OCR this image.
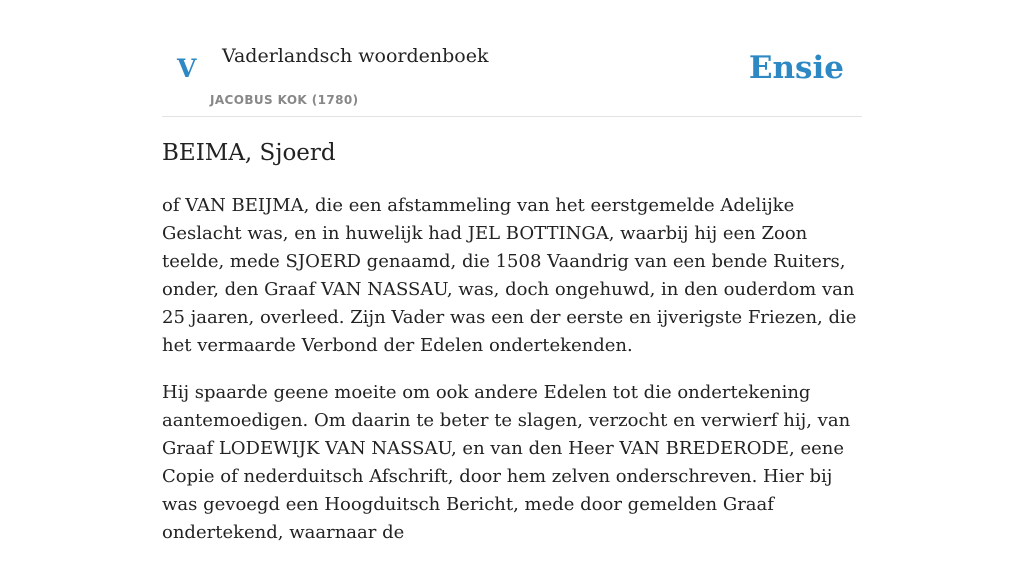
V Vaderlandsch woordenboek
JACOBUS KOK (1780)
Ensie
BEIMA, Sjoerd

of VAN BEIJMA, die een afstammeling van het eerstgemelde Adelijke Geslacht was, en in huwelijk had JEL BOTTINGA, waarbij hij een Zoon teelde, mede SJOERD genaamd, die 1508 Vaandrig van een bende Ruiters, onder, den Graaf VAN NASSAU, was, doch ongehuwd, in den ouderdom van 25 jaaren, overleed. Zijn Vader was een der eerste en ijverigste Friezen, die het vermaarde Verbond der Edelen ondertekenden.

Hij spaarde geene moeite om ook andere Edelen tot die ondertekening aantemoedigen. Om daarin te beter te slagen, verzocht en verwierf hij, van Graaf LODEWIJK VAN NASSAU, en van den Heer VAN BREDERODE, eene Copie of nederduitsch Afschrift, door hem zelven onderschreven. Hier bij was gevoegd een Hoogduitsch Bericht, mede door gemelden Graaf ondertekend, waarnaar de
